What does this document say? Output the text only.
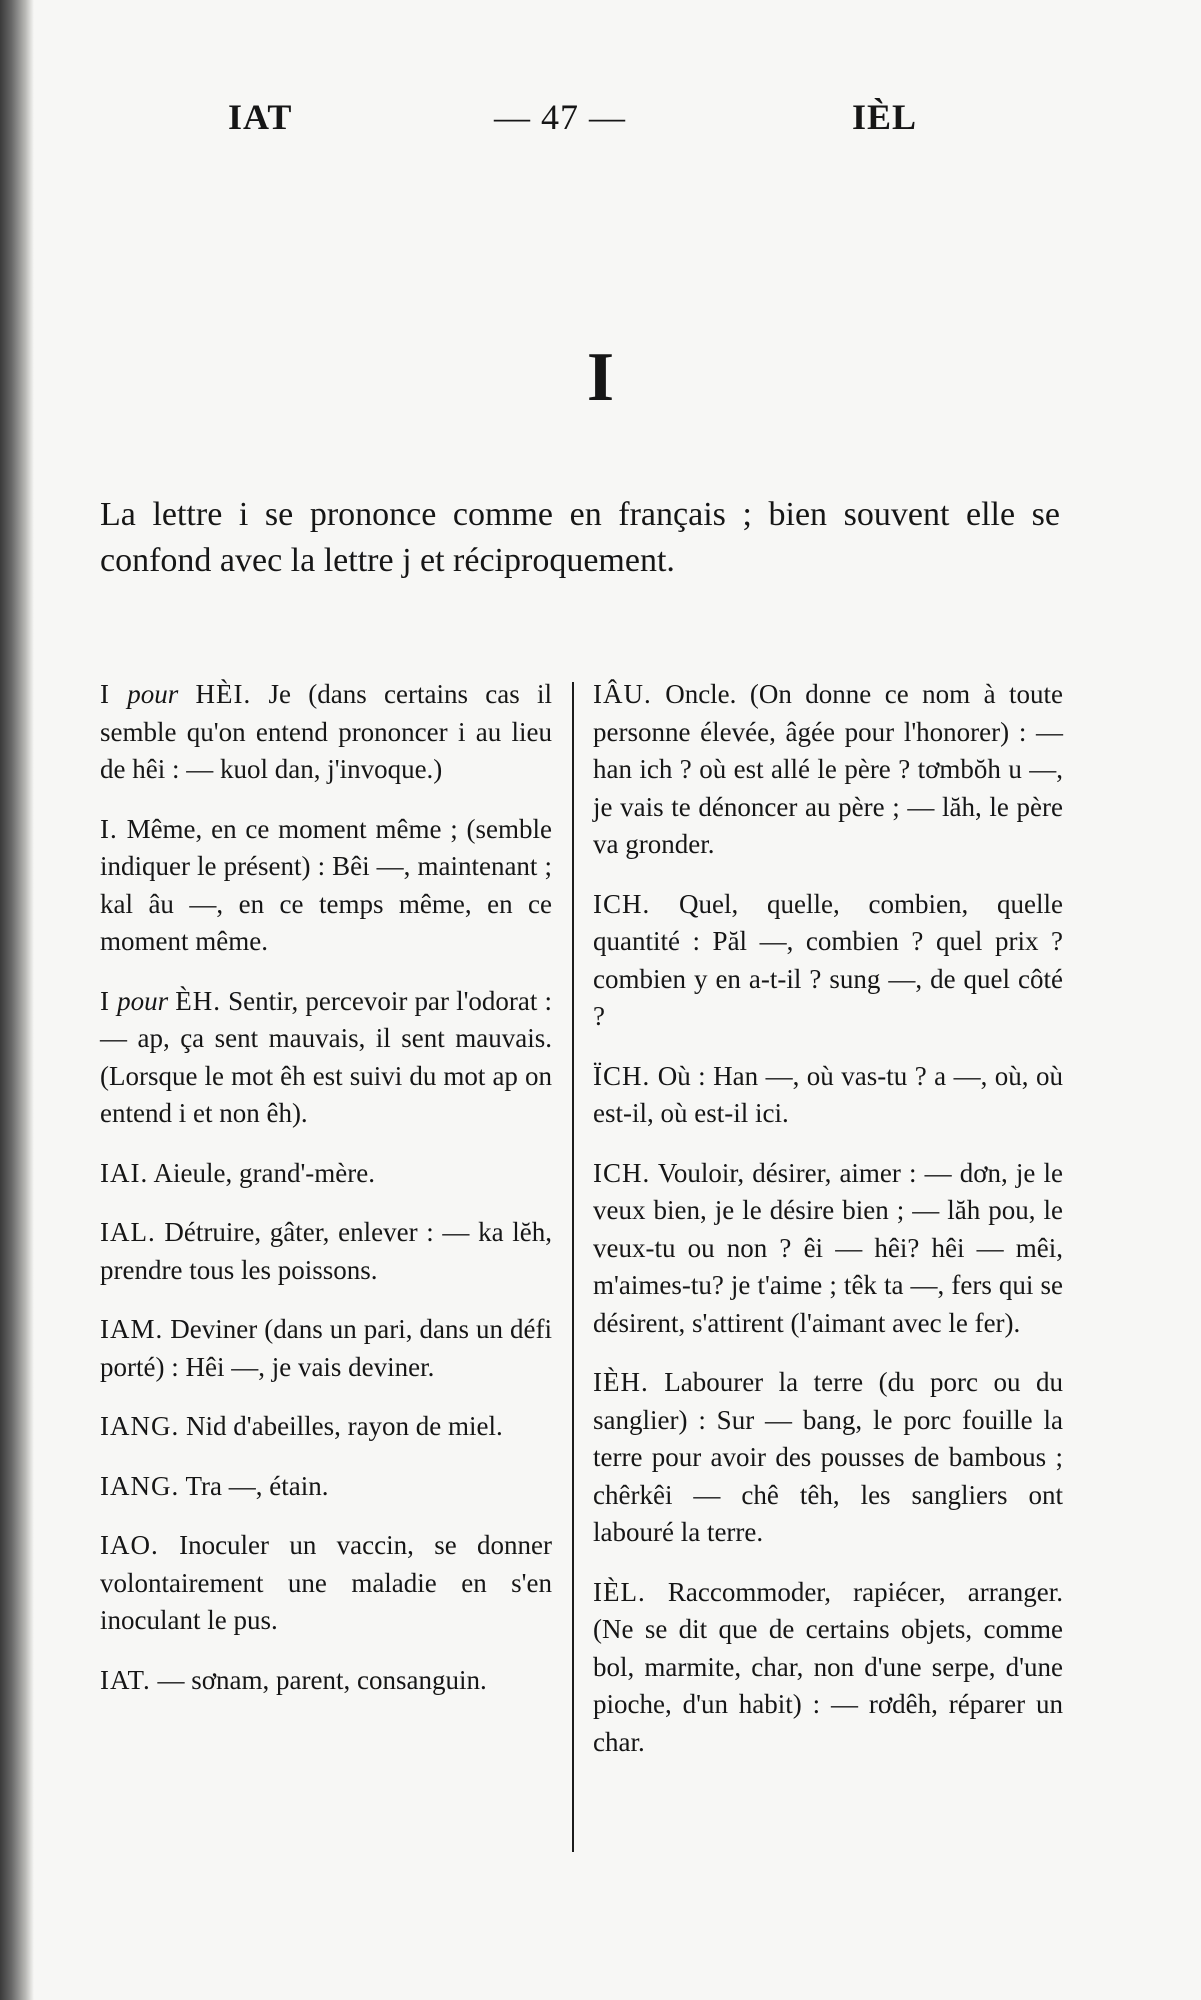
IAT	— 47 —	IÈL
I
La lettre i se prononce comme en français ; bien souvent elle se confond avec la lettre j et réciproquement.

I pour HÈI. Je (dans certains cas il semble qu'on entend prononcer i au lieu de hêi : — kuol dan, j'invoque.)

I. Même, en ce moment même ; (semble indiquer le présent) : Bêi —, maintenant ; kal âu —, en ce temps même, en ce moment même.

I pour ÈH. Sentir, percevoir par l'odorat : — ap, ça sent mauvais, il sent mauvais. (Lorsque le mot êh est suivi du mot ap on entend i et non êh).

IAI. Aieule, grand'-mère.

IAL. Détruire, gâter, enlever : — ka lĕh, prendre tous les poissons.

IAM. Deviner (dans un pari, dans un défi porté) : Hêi —, je vais deviner.

IANG. Nid d'abeilles, rayon de miel.

IANG. Tra —, étain.

IAO. Inoculer un vaccin, se donner volontairement une maladie en s'en inoculant le pus.

IAT. — sơnam, parent, consanguin.

IÂU. Oncle. (On donne ce nom à toute personne élevée, âgée pour l'honorer) : — han ich ? où est allé le père ? tơmbŏh u —, je vais te dénoncer au père ; — lăh, le père va gronder.

ICH. Quel, quelle, combien, quelle quantité : Păl —, combien ? quel prix ? combien y en a-t-il ? sung —, de quel côté ?

ÏCH. Où : Han —, où vas-tu ? a —, où, où est-il, où est-il ici.

ICH. Vouloir, désirer, aimer : — dơn, je le veux bien, je le désire bien ; — lăh pou, le veux-tu ou non ? êi — hêi? hêi — mêi, m'aimes-tu? je t'aime ; têk ta —, fers qui se désirent, s'attirent (l'aimant avec le fer).

IÈH. Labourer la terre (du porc ou du sanglier) : Sur — bang, le porc fouille la terre pour avoir des pousses de bambous ; chêrkêi — chê têh, les sangliers ont labouré la terre.

IÈL. Raccommoder, rapiécer, arranger. (Ne se dit que de certains objets, comme bol, marmite, char, non d'une serpe, d'une pioche, d'un habit) : — rơdêh, réparer un char.
